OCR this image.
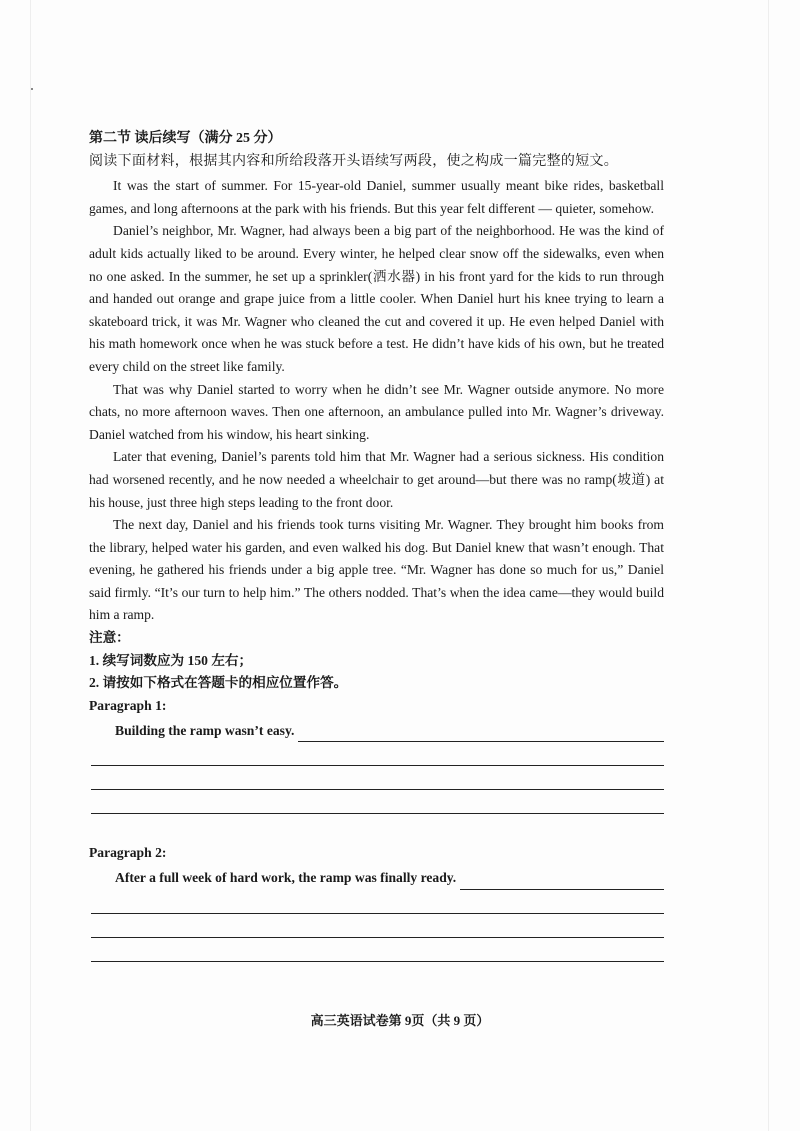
第二节 读后续写（满分 25 分）

阅读下面材料，根据其内容和所给段落开头语续写两段，使之构成一篇完整的短文。

It was the start of summer. For 15-year-old Daniel, summer usually meant bike rides, basketball games, and long afternoons at the park with his friends. But this year felt different — quieter, somehow.

Daniel’s neighbor, Mr. Wagner, had always been a big part of the neighborhood. He was the kind of adult kids actually liked to be around. Every winter, he helped clear snow off the sidewalks, even when no one asked. In the summer, he set up a sprinkler(洒水器) in his front yard for the kids to run through and handed out orange and grape juice from a little cooler. When Daniel hurt his knee trying to learn a skateboard trick, it was Mr. Wagner who cleaned the cut and covered it up. He even helped Daniel with his math homework once when he was stuck before a test. He didn’t have kids of his own, but he treated every child on the street like family.

That was why Daniel started to worry when he didn’t see Mr. Wagner outside anymore. No more chats, no more afternoon waves. Then one afternoon, an ambulance pulled into Mr. Wagner’s driveway. Daniel watched from his window, his heart sinking.

Later that evening, Daniel’s parents told him that Mr. Wagner had a serious sickness. His condition had worsened recently, and he now needed a wheelchair to get around—but there was no ramp(坡道) at his house, just three high steps leading to the front door.

The next day, Daniel and his friends took turns visiting Mr. Wagner. They brought him books from the library, helped water his garden, and even walked his dog. But Daniel knew that wasn’t enough. That evening, he gathered his friends under a big apple tree. “Mr. Wagner has done so much for us,” Daniel said firmly. “It’s our turn to help him.” The others nodded. That’s when the idea came—they would build him a ramp.

注意：

1. 续写词数应为 150 左右；

2. 请按如下格式在答题卡的相应位置作答。

Paragraph 1:

Building the ramp wasn’t easy.

Paragraph 2:

After a full week of hard work, the ramp was finally ready.
高三英语试卷第 9页（共 9 页）
